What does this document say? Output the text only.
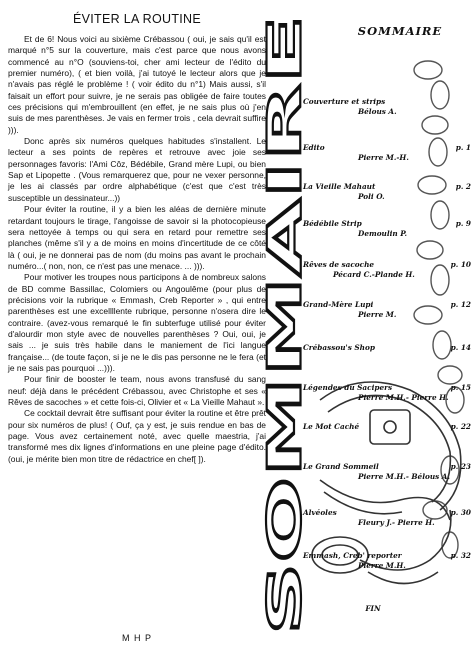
ÉVITER LA ROUTINE

Et de 6! Nous voici au sixième Crébassou ( oui, je sais qu'il est marqué n°5 sur la couverture, mais c'est parce que nous avons commencé au n°O (souviens-toi, cher ami lecteur de l'édito du premier numéro), ( et bien voilà, j'ai tutoyé le lecteur alors que je n'avais pas réglé le problème ! ( voir édito du n°1) Mais aussi, s'il faisait un effort pour suivre, je ne serais pas obligée de faire toutes ces précisions qui m'embrouillent (en effet, je ne sais plus où j'en suis de mes parenthèses. Je vais en fermer trois , cela devrait suffire ))).

Donc après six numéros quelques habitudes s'installent. Le lecteur a ses points de repères et retrouve avec joie ses personnages favoris: l'Ami Côz, Bédébile, Grand mère Lupi, ou bien Sap et Lipopette . (Vous remarquerez que, pour ne vexer personne, je les ai classés par ordre alphabétique (c'est que c'est très susceptible un dessinateur...))

Pour éviter la routine, il y a bien les aléas de dernière minute retardant toujours le tirage, l'angoisse de savoir si la photocopieuse sera nettoyée à temps ou qui sera en retard pour remettre ses planches (même s'il y a de moins en moins d'incertitude de ce côté là ( oui, je ne donnerai pas de nom (du moins pas avant le prochain numéro...( non, non, ce n'est pas une menace. ... ))).

Pour motiver les troupes nous participons à de nombreux salons de BD comme Bassillac, Colomiers ou Angoulême (pour plus de précisions voir la rubrique « Emmash, Creb Reporter » , qui entre parenthèses est une excellllente rubrique, personne n'osera dire le contraire. (avez-vous remarqué le fin subterfuge utilisé pour éviter d'alourdir mon style avec de nouvelles parenthèses ? Oui, oui, je sais ... je suis très habile dans le maniement de l'ici langue française... (de toute façon, si je ne le dis pas personne ne le fera (et je ne sais pas pourquoi ...))).

Pour finir de booster le team, nous avons transfusé du sang neuf: déjà dans le précédent Crébassou, avec Christophe et ses « Rêves de sacoches » et cette fois-ci, Olivier et « La Vieille Mahaut ».

Ce cocktail devrait être suffisant pour éviter la routine et être prêt pour six numéros de plus! ( Ouf, ça y est, je suis rendue en bas de page. Vous avez certainement noté, avec quelle maestria, j'ai transformé mes dix lignes d'informations en une pleine page d'édito. (oui, je mérite bien mon titre de rédactrice en chef[ ]).

M H P
SOMMAIRE
SOMMAIRE
Couverture et strips
Bélous A.
Edito	p. 1
Pierre M.-H.
La Vieille Mahaut	p. 2
Poli O.
Bédébile Strip	p. 9
Demoulin P.
Rêves de sacoche	p. 10
Pécard C.-Plande H.
Grand-Mère Lupi	p. 12
Pierre M.
Crébassou's Shop	p. 14
Légendes du Sacipers	p. 15
Pierre M.H.- Pierre H.
Le Mot Caché	p. 22
Le Grand Sommeil	p. 23
Pierre M.H.- Bélous A.
Alvéoles	p. 30
Fleury J.- Pierre H.
Emmash, Creb' reporter	p. 32
Pierre M.H.
FIN
